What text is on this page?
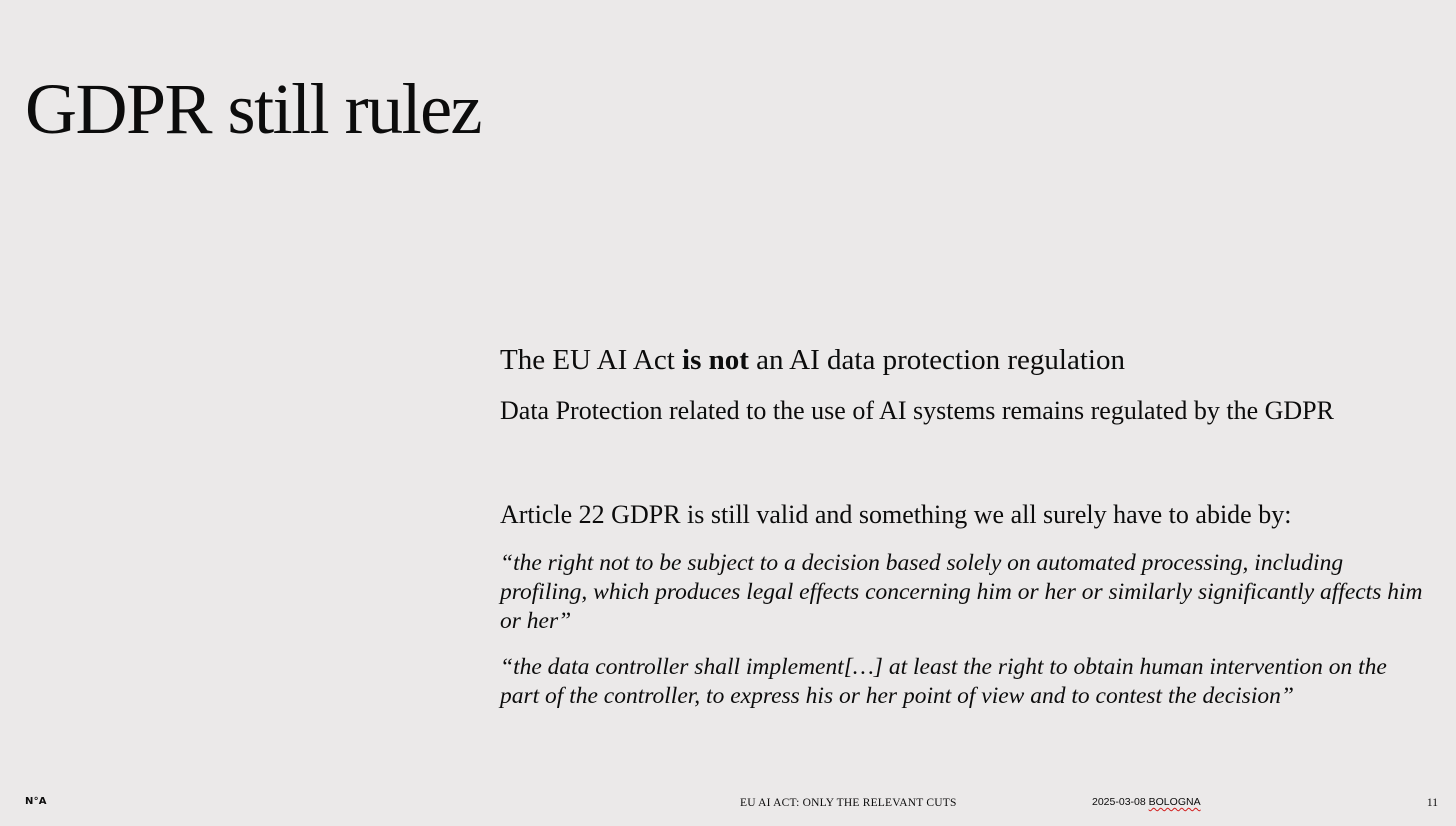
GDPR still rulez

The EU AI Act is not an AI data protection regulation

Data Protection related to the use of AI systems remains regulated by the GDPR

Article 22 GDPR is still valid and something we all surely have to abide by:

“the right not to be subject to a decision based solely on automated processing, including profiling, which produces legal effects concerning him or her or similarly significantly affects him or her”

“the data controller shall implement[…] at least the right to obtain human intervention on the part of the controller, to express his or her point of view and to contest the decision”

N°A	EU AI ACT: ONLY THE RELEVANT CUTS	2025-03-08 BOLOGNA	11
